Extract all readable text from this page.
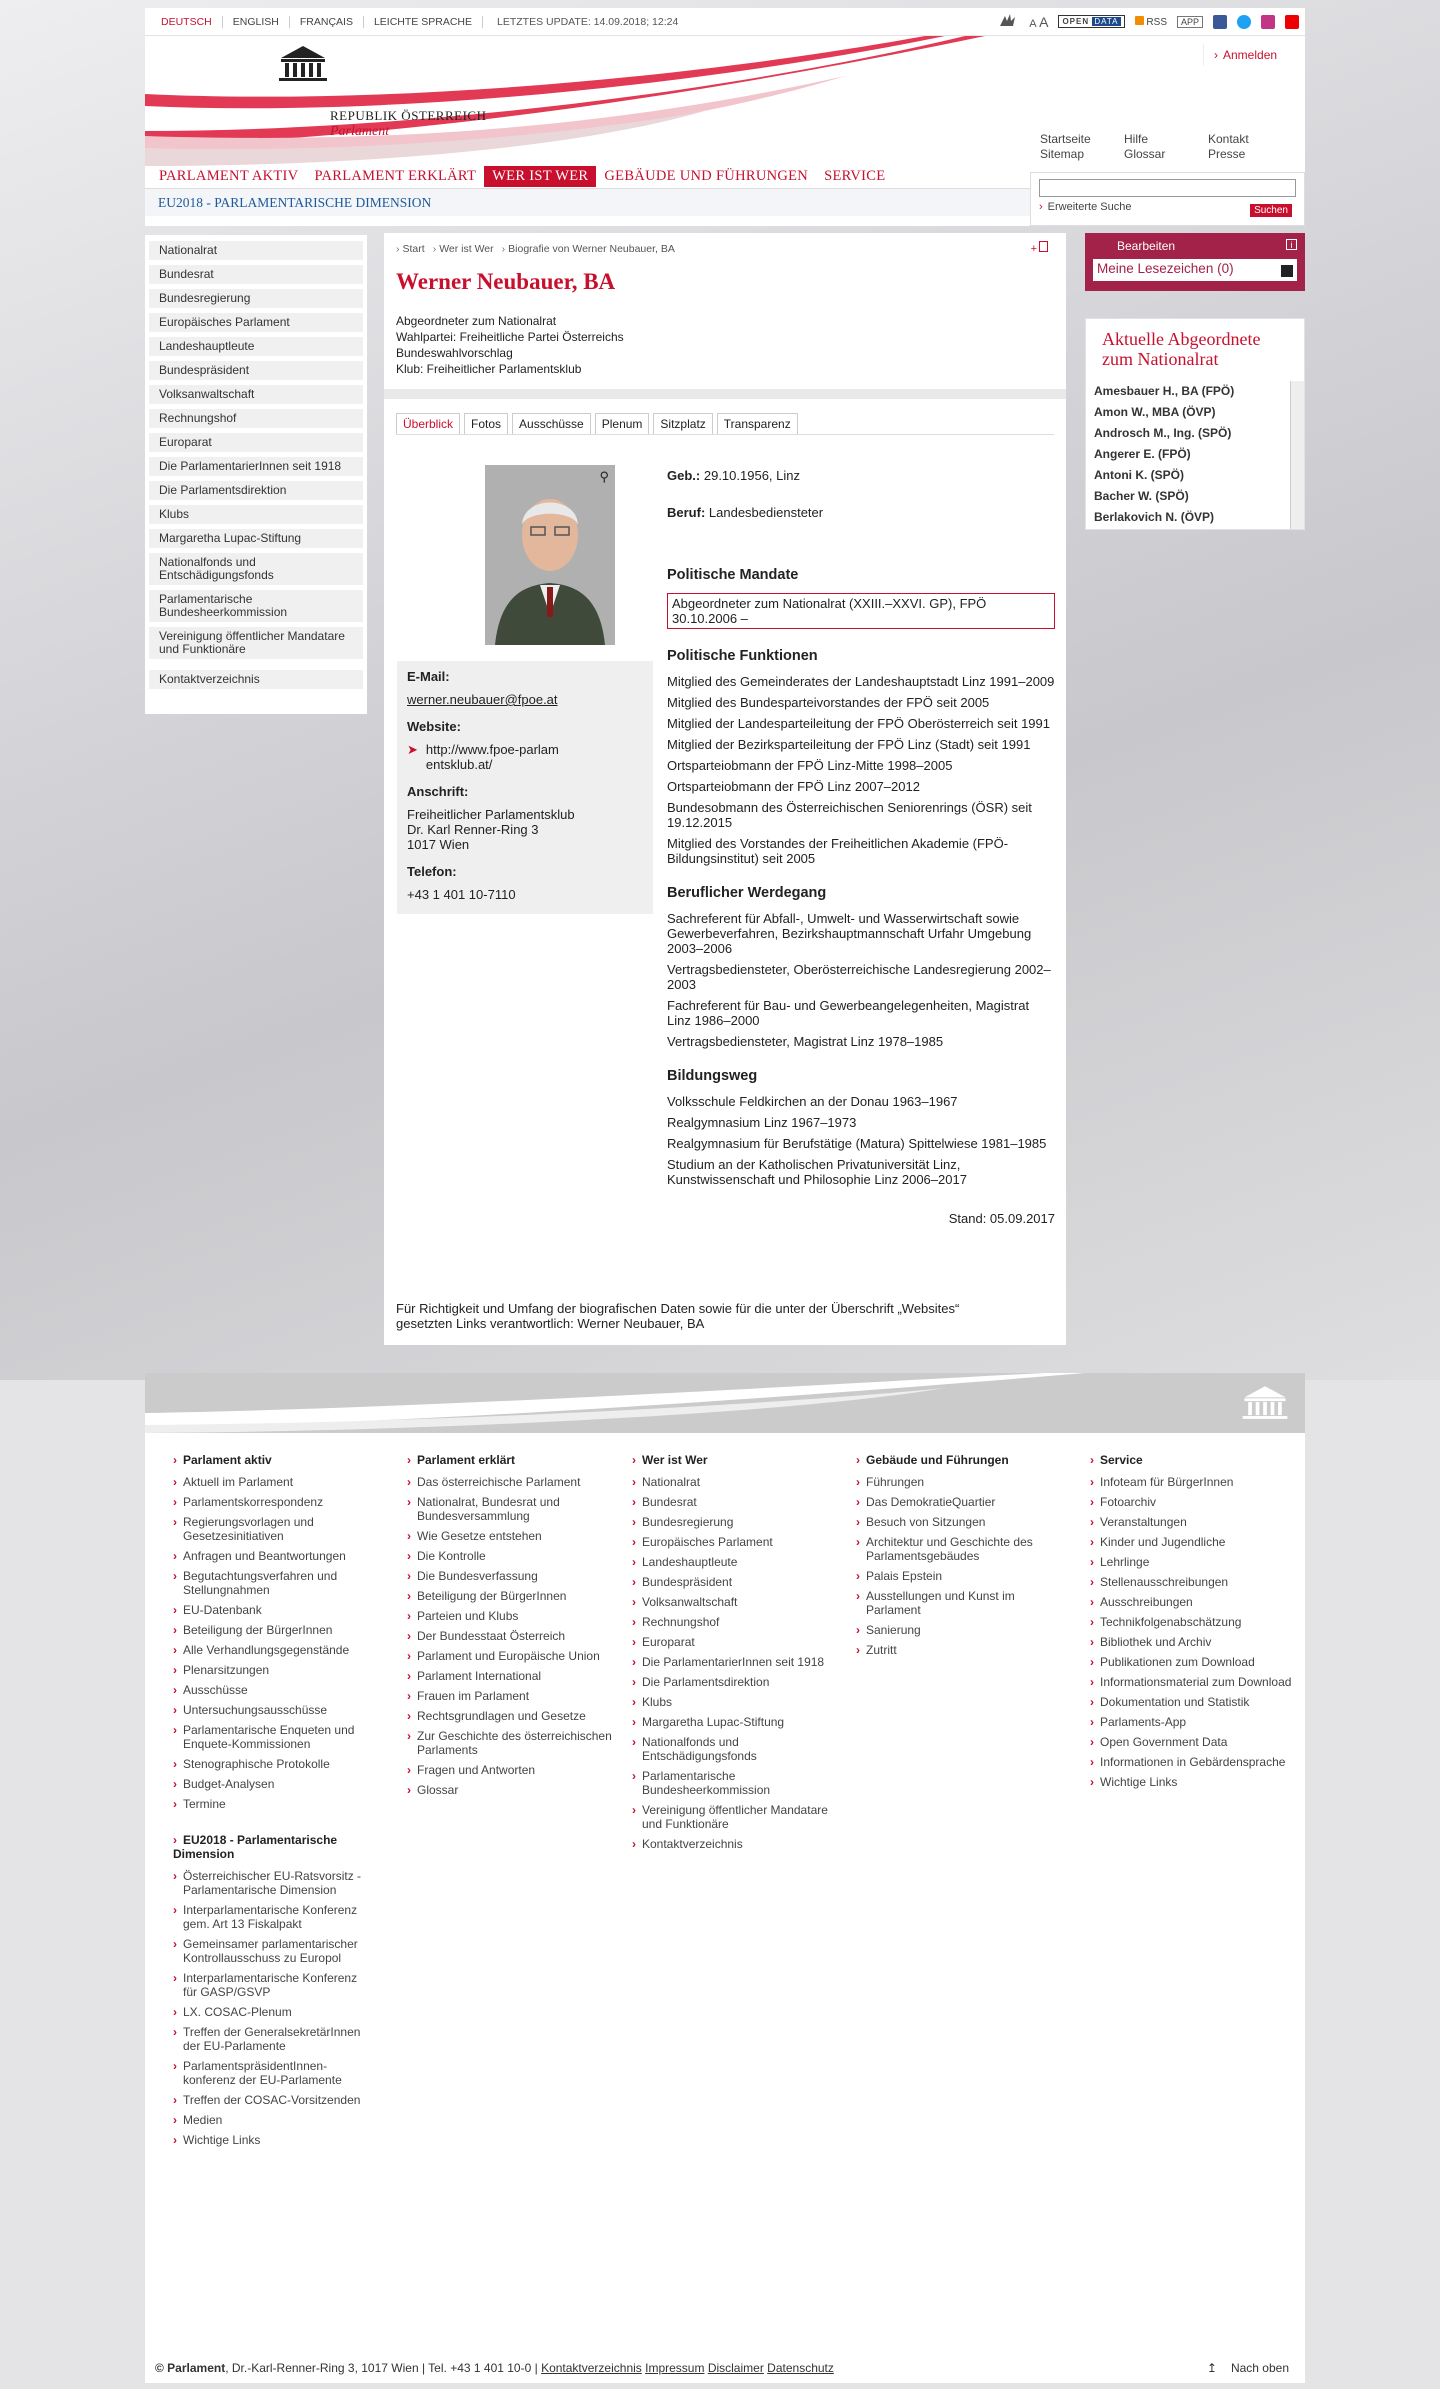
DEUTSCH	ENGLISH	FRANÇAIS	LEICHTE SPRACHE	LETZTES UPDATE: 14.09.2018; 12:24	A A	OPEN DATA	RSS	APP
REPUBLIK ÖSTERREICH
Parlament
› Anmelden
Startseite	Hilfe	Kontakt
Sitemap	Glossar	Presse
PARLAMENT AKTIV	PARLAMENT ERKLÄRT	WER IST WER	GEBÄUDE UND FÜHRUNGEN	SERVICE
EU2018 - PARLAMENTARISCHE DIMENSION	› Erweiterte Suche	Suchen
Nationalrat
Bundesrat
Bundesregierung
Europäisches Parlament
Landeshauptleute
Bundespräsident
Volksanwaltschaft
Rechnungshof
Europarat
Die ParlamentarierInnen seit 1918
Die Parlamentsdirektion
Klubs
Margaretha Lupac-Stiftung
Nationalfonds und Entschädigungsfonds
Parlamentarische Bundesheerkommission
Vereinigung öffentlicher Mandatare und Funktionäre
Kontaktverzeichnis
› Start	› Wer ist Wer	› Biografie von Werner Neubauer, BA	+
Werner Neubauer, BA
Abgeordneter zum Nationalrat
Wahlpartei: Freiheitliche Partei Österreichs
Bundeswahlvorschlag
Klub: Freiheitlicher Parlamentsklub
Überblick	Fotos	Ausschüsse	Plenum	Sitzplatz	Transparenz
⚲
E-Mail:
werner.neubauer@fpoe.at
Website:
➤ http://www.fpoe-parlamentsklub.at/
Anschrift:
Freiheitlicher Parlamentsklub
Dr. Karl Renner-Ring 3
1017 Wien
Telefon:
+43 1 401 10-7110
Geb.: 29.10.1956, Linz
Beruf: Landesbediensteter
Politische Mandate
Abgeordneter zum Nationalrat (XXIII.–XXVI. GP), FPÖ 30.10.2006 –
Politische Funktionen
Mitglied des Gemeinderates der Landeshauptstadt Linz 1991–2009
Mitglied des Bundesparteivorstandes der FPÖ seit 2005
Mitglied der Landesparteileitung der FPÖ Oberösterreich seit 1991
Mitglied der Bezirksparteileitung der FPÖ Linz (Stadt) seit 1991
Ortsparteiobmann der FPÖ Linz-Mitte 1998–2005
Ortsparteiobmann der FPÖ Linz 2007–2012
Bundesobmann des Österreichischen Seniorenrings (ÖSR) seit 19.12.2015
Mitglied des Vorstandes der Freiheitlichen Akademie (FPÖ-Bildungsinstitut) seit 2005
Beruflicher Werdegang
Sachreferent für Abfall-, Umwelt- und Wasserwirtschaft sowie Gewerbeverfahren, Bezirkshauptmannschaft Urfahr Umgebung 2003–2006
Vertragsbediensteter, Oberösterreichische Landesregierung 2002–2003
Fachreferent für Bau- und Gewerbeangelegenheiten, Magistrat Linz 1986–2000
Vertragsbediensteter, Magistrat Linz 1978–1985
Bildungsweg
Volksschule Feldkirchen an der Donau 1963–1967
Realgymnasium Linz 1967–1973
Realgymnasium für Berufstätige (Matura) Spittelwiese 1981–1985
Studium an der Katholischen Privatuniversität Linz, Kunstwissenschaft und Philosophie Linz 2006–2017
Stand: 05.09.2017
Für Richtigkeit und Umfang der biografischen Daten sowie für die unter der Überschrift „Websites“ gesetzten Links verantwortlich: Werner Neubauer, BA
Bearbeiten	i
Meine Lesezeichen (0)
Aktuelle Abgeordnete zum Nationalrat
Amesbauer H., BA (FPÖ)
Amon W., MBA (ÖVP)
Androsch M., Ing. (SPÖ)
Angerer E. (FPÖ)
Antoni K. (SPÖ)
Bacher W. (SPÖ)
Berlakovich N. (ÖVP)
› Parlament aktiv
› Aktuell im Parlament
› Parlamentskorrespondenz
› Regierungsvorlagen und Gesetzesinitiativen
› Anfragen und Beantwortungen
› Begutachtungsverfahren und Stellungnahmen
› EU-Datenbank
› Beteiligung der BürgerInnen
› Alle Verhandlungsgegenstände
› Plenarsitzungen
› Ausschüsse
› Untersuchungsausschüsse
› Parlamentarische Enqueten und Enquete-Kommissionen
› Stenographische Protokolle
› Budget-Analysen
› Termine
› Parlament erklärt
› Das österreichische Parlament
› Nationalrat, Bundesrat und Bundesversammlung
› Wie Gesetze entstehen
› Die Kontrolle
› Die Bundesverfassung
› Beteiligung der BürgerInnen
› Parteien und Klubs
› Der Bundesstaat Österreich
› Parlament und Europäische Union
› Parlament International
› Frauen im Parlament
› Rechtsgrundlagen und Gesetze
› Zur Geschichte des österreichischen Parlaments
› Fragen und Antworten
› Glossar
› Wer ist Wer
› Nationalrat
› Bundesrat
› Bundesregierung
› Europäisches Parlament
› Landeshauptleute
› Bundespräsident
› Volksanwaltschaft
› Rechnungshof
› Europarat
› Die ParlamentarierInnen seit 1918
› Die Parlamentsdirektion
› Klubs
› Margaretha Lupac-Stiftung
› Nationalfonds und Entschädigungsfonds
› Parlamentarische Bundesheerkommission
› Vereinigung öffentlicher Mandatare und Funktionäre
› Kontaktverzeichnis
› Gebäude und Führungen
› Führungen
› Das DemokratieQuartier
› Besuch von Sitzungen
› Architektur und Geschichte des Parlamentsgebäudes
› Palais Epstein
› Ausstellungen und Kunst im Parlament
› Sanierung
› Zutritt
› Service
› Infoteam für BürgerInnen
› Fotoarchiv
› Veranstaltungen
› Kinder und Jugendliche
› Lehrlinge
› Stellenausschreibungen
› Ausschreibungen
› Technikfolgenabschätzung
› Bibliothek und Archiv
› Publikationen zum Download
› Informationsmaterial zum Download
› Dokumentation und Statistik
› Parlaments-App
› Open Government Data
› Informationen in Gebärdensprache
› Wichtige Links
› EU2018 - Parlamentarische Dimension
› Österreichischer EU-Ratsvorsitz - Parlamentarische Dimension
› Interparlamentarische Konferenz gem. Art 13 Fiskalpakt
› Gemeinsamer parlamentarischer Kontrollausschuss zu Europol
› Interparlamentarische Konferenz für GASP/GSVP
› LX. COSAC-Plenum
› Treffen der GeneralsekretärInnen der EU-Parlamente
› ParlamentspräsidentInnen-konferenz der EU-Parlamente
› Treffen der COSAC-Vorsitzenden
› Medien
› Wichtige Links
© Parlament, Dr.-Karl-Renner-Ring 3, 1017 Wien | Tel. +43 1 401 10-0 | Kontaktverzeichnis Impressum Disclaimer Datenschutz	↥ Nach oben
